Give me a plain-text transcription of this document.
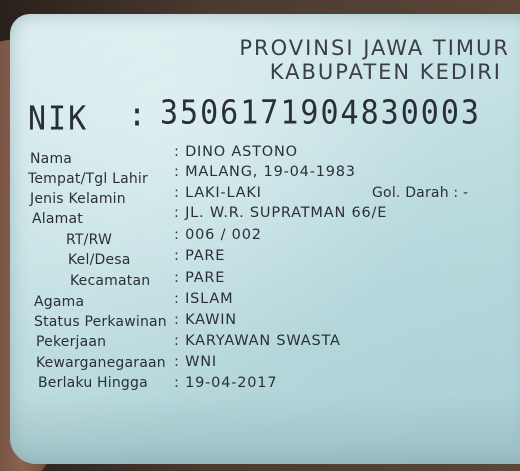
PROVINSI JAWA TIMUR
KABUPATEN KEDIRI
NIK : 3506171904830003
Nama	: DINO ASTONO
Tempat/Tgl Lahir : MALANG, 19-04-1983
Jenis Kelamin	: LAKI-LAKI	Gol. Darah : -
Alamat	: JL. W.R. SUPRATMAN 66/E
RT/RW	: 006 / 002
Kel/Desa	: PARE
Kecamatan : PARE
Agama	: ISLAM
Status Perkawinan : KAWIN
Pekerjaan	: KARYAWAN SWASTA
Kewarganegaraan : WNI
Berlaku Hingga : 19-04-2017
